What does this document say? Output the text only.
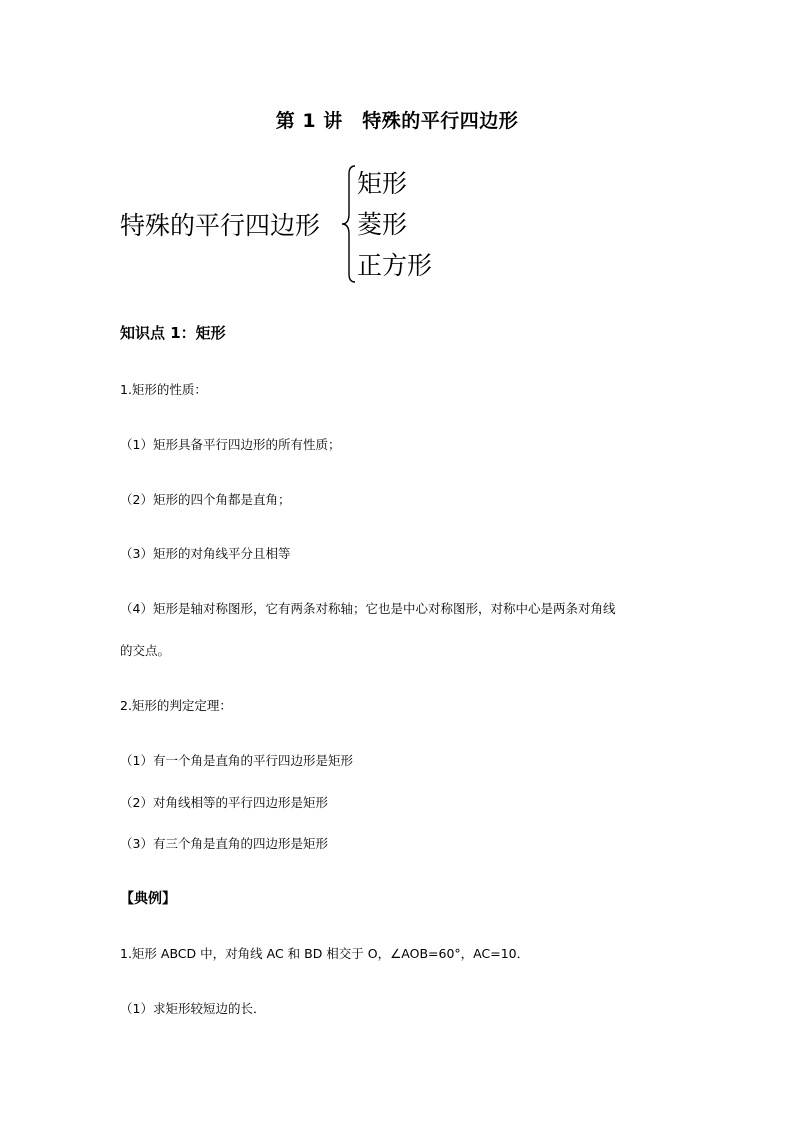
第 1 讲　特殊的平行四边形
特殊的平行四边形
矩形
菱形
正方形
知识点 1：矩形
1.矩形的性质：
（1）矩形具备平行四边形的所有性质；
（2）矩形的四个角都是直角；
（3）矩形的对角线平分且相等
（4）矩形是轴对称图形，它有两条对称轴；它也是中心对称图形，对称中心是两条对角线
的交点。
2.矩形的判定定理：
（1）有一个角是直角的平行四边形是矩形
（2）对角线相等的平行四边形是矩形
（3）有三个角是直角的四边形是矩形
【典例】
1.矩形 ABCD 中，对角线 AC 和 BD 相交于 O，∠AOB=60°，AC=10．
（1）求矩形较短边的长．
